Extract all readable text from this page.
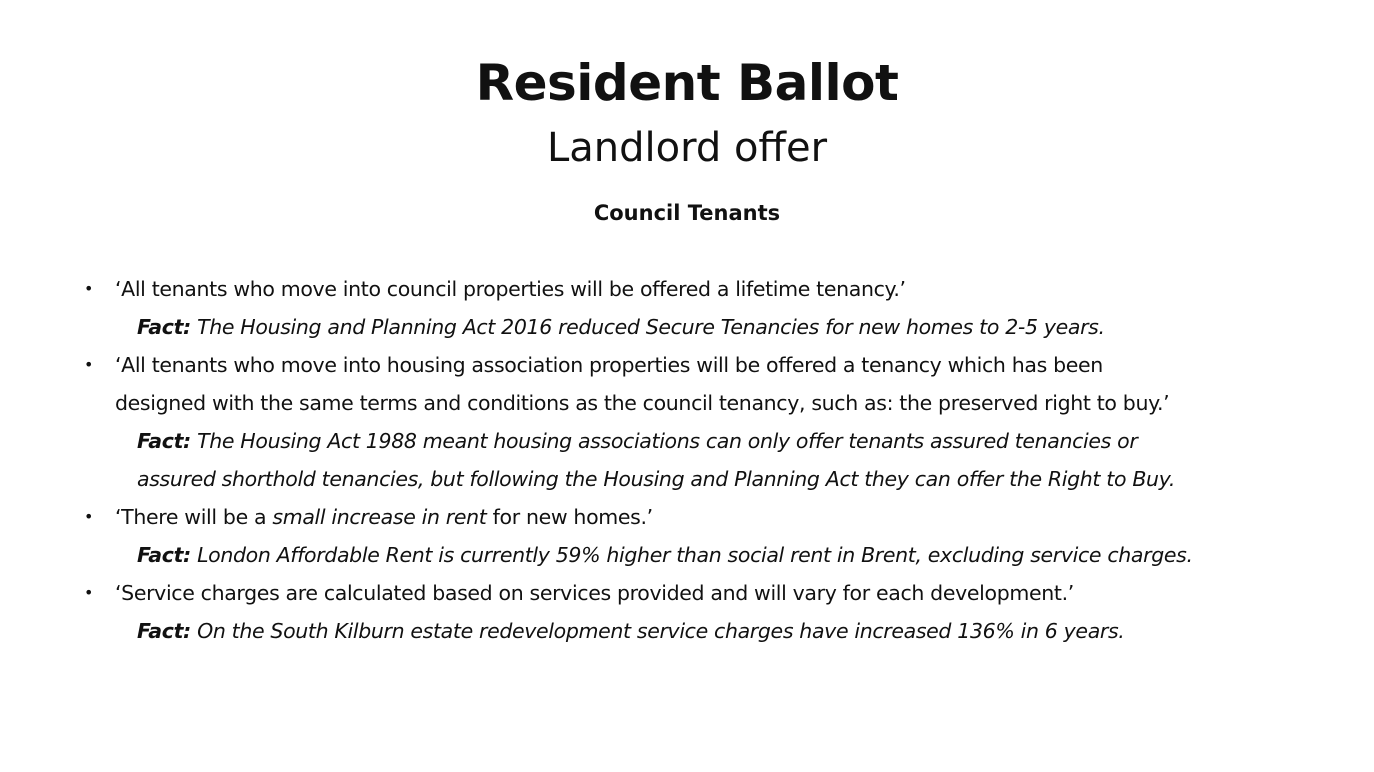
Resident Ballot
Landlord offer
Council Tenants
• ‘All tenants who move into council properties will be offered a lifetime tenancy.’
Fact: The Housing and Planning Act 2016 reduced Secure Tenancies for new homes to 2-5 years.
• ‘All tenants who move into housing association properties will be offered a tenancy which has been
designed with the same terms and conditions as the council tenancy, such as: the preserved right to buy.’
Fact: The Housing Act 1988 meant housing associations can only offer tenants assured tenancies or
assured shorthold tenancies, but following the Housing and Planning Act they can offer the Right to Buy.
• ‘There will be a small increase in rent for new homes.’
Fact: London Affordable Rent is currently 59% higher than social rent in Brent, excluding service charges.
• ‘Service charges are calculated based on services provided and will vary for each development.’
Fact: On the South Kilburn estate redevelopment service charges have increased 136% in 6 years.
